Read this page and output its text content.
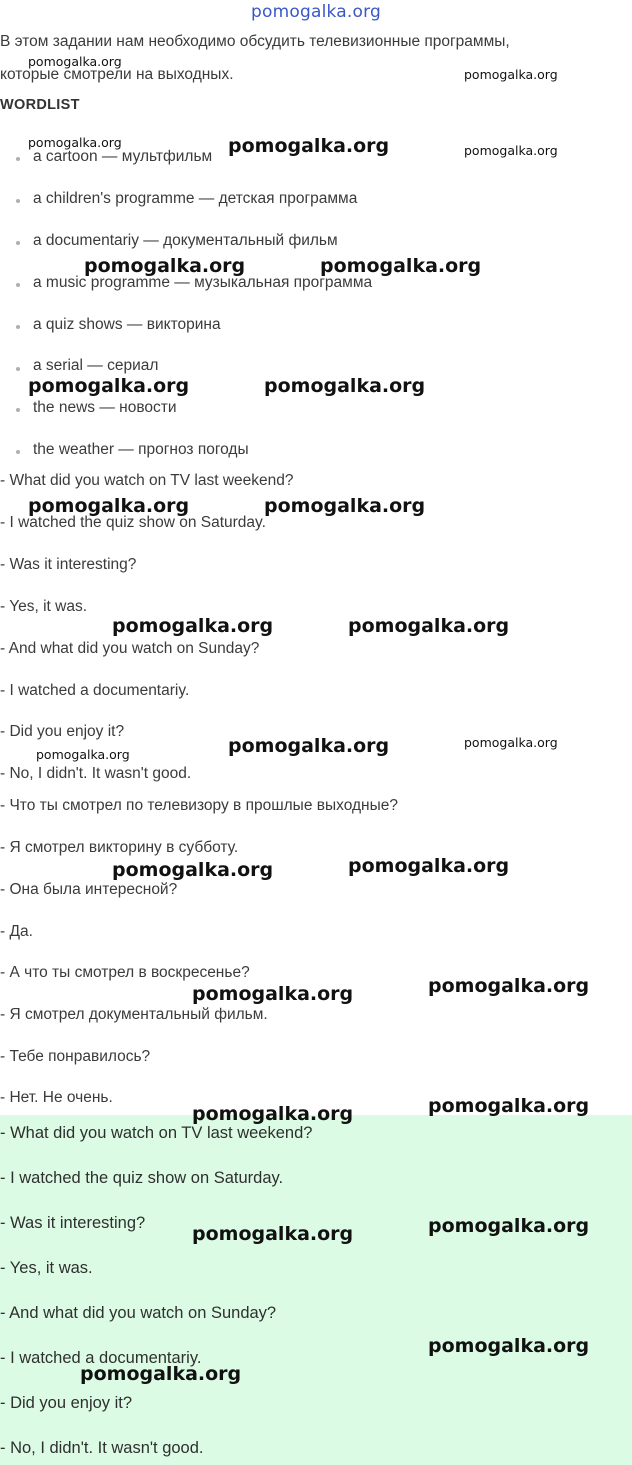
pomogalka.org
В этом задании нам необходимо обсудить телевизионные программы,
которые смотрели на выходных.
WORDLIST
a cartoon — мультфильм
a children's programme — детская программа
a documentariy — документальный фильм
a music programme — музыкальная программа
a quiz shows — викторина
a serial — сериал
the news — новости
the weather — прогноз погоды
- What did you watch on TV last weekend?
- I watched the quiz show on Saturday.
- Was it interesting?
- Yes, it was.
- And what did you watch on Sunday?
- I watched a documentariy.
- Did you enjoy it?
- No, I didn't. It wasn't good.
- Что ты смотрел по телевизору в прошлые выходные?
- Я смотрел викторину в субботу.
- Она была интересной?
- Да.
- А что ты смотрел в воскресенье?
- Я смотрел документальный фильм.
- Тебе понравилось?
- Нет. Не очень.
- What did you watch on TV last weekend?
- I watched the quiz show on Saturday.
- Was it interesting?
- Yes, it was.
- And what did you watch on Sunday?
- I watched a documentariy.
- Did you enjoy it?
- No, I didn't. It wasn't good.
pomogalka.org
pomogalka.org
pomogalka.org	pomogalka.org	pomogalka.org
pomogalka.org	pomogalka.org
pomogalka.org	pomogalka.org
pomogalka.org	pomogalka.org
pomogalka.org	pomogalka.org
pomogalka.org	pomogalka.org
pomogalka.org
pomogalka.org
pomogalka.org
pomogalka.org
pomogalka.org
pomogalka.org
pomogalka.org
pomogalka.org
pomogalka.org
pomogalka.org
pomogalka.org
